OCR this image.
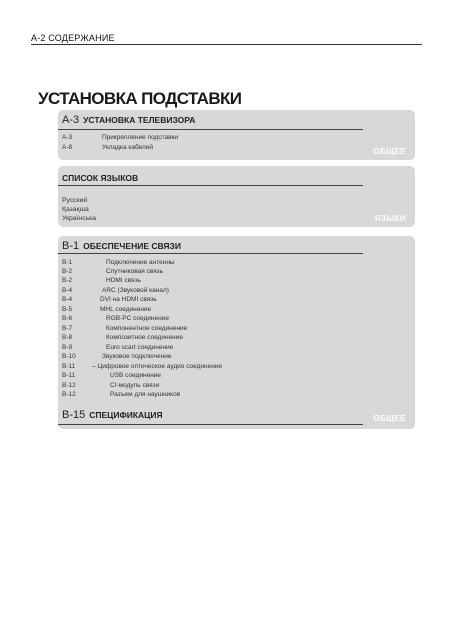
A-2 СОДЕРЖАНИЕ
УСТАНОВКА ПОДСТАВКИ
A-3 УСТАНОВКА ТЕЛЕВИЗОРА
A-3	Прикрепление подставки
A-8	Укладка кабелей	ОБЩЕЕ
СПИСОК ЯЗЫКОВ
Русский
Қазақша
Українська	ЯЗЫКИ
B-1 ОБЕСПЕЧЕНИЕ СВЯЗИ
B-1	Подключение антенны
B-2	Спутниковая связь
B-2	HDMI связь
B-4	ARC (Звуковой канал)
B-4	DVI на HDMI связь
B-5	MHL соединение
B-6	RGB-PC соединение
B-7	Компонентное соединение
B-8	Композитное соединение
B-9	Euro scart соединение
B-10	Звуковое подключение
B-11	– Цифровое оптическое аудио соединение
B-11	USB соединение
B-12	CI-модуль связи
B-12	Разъем для наушников
B-15 СПЕЦИФИКАЦИЯ	ОБЩЕЕ
